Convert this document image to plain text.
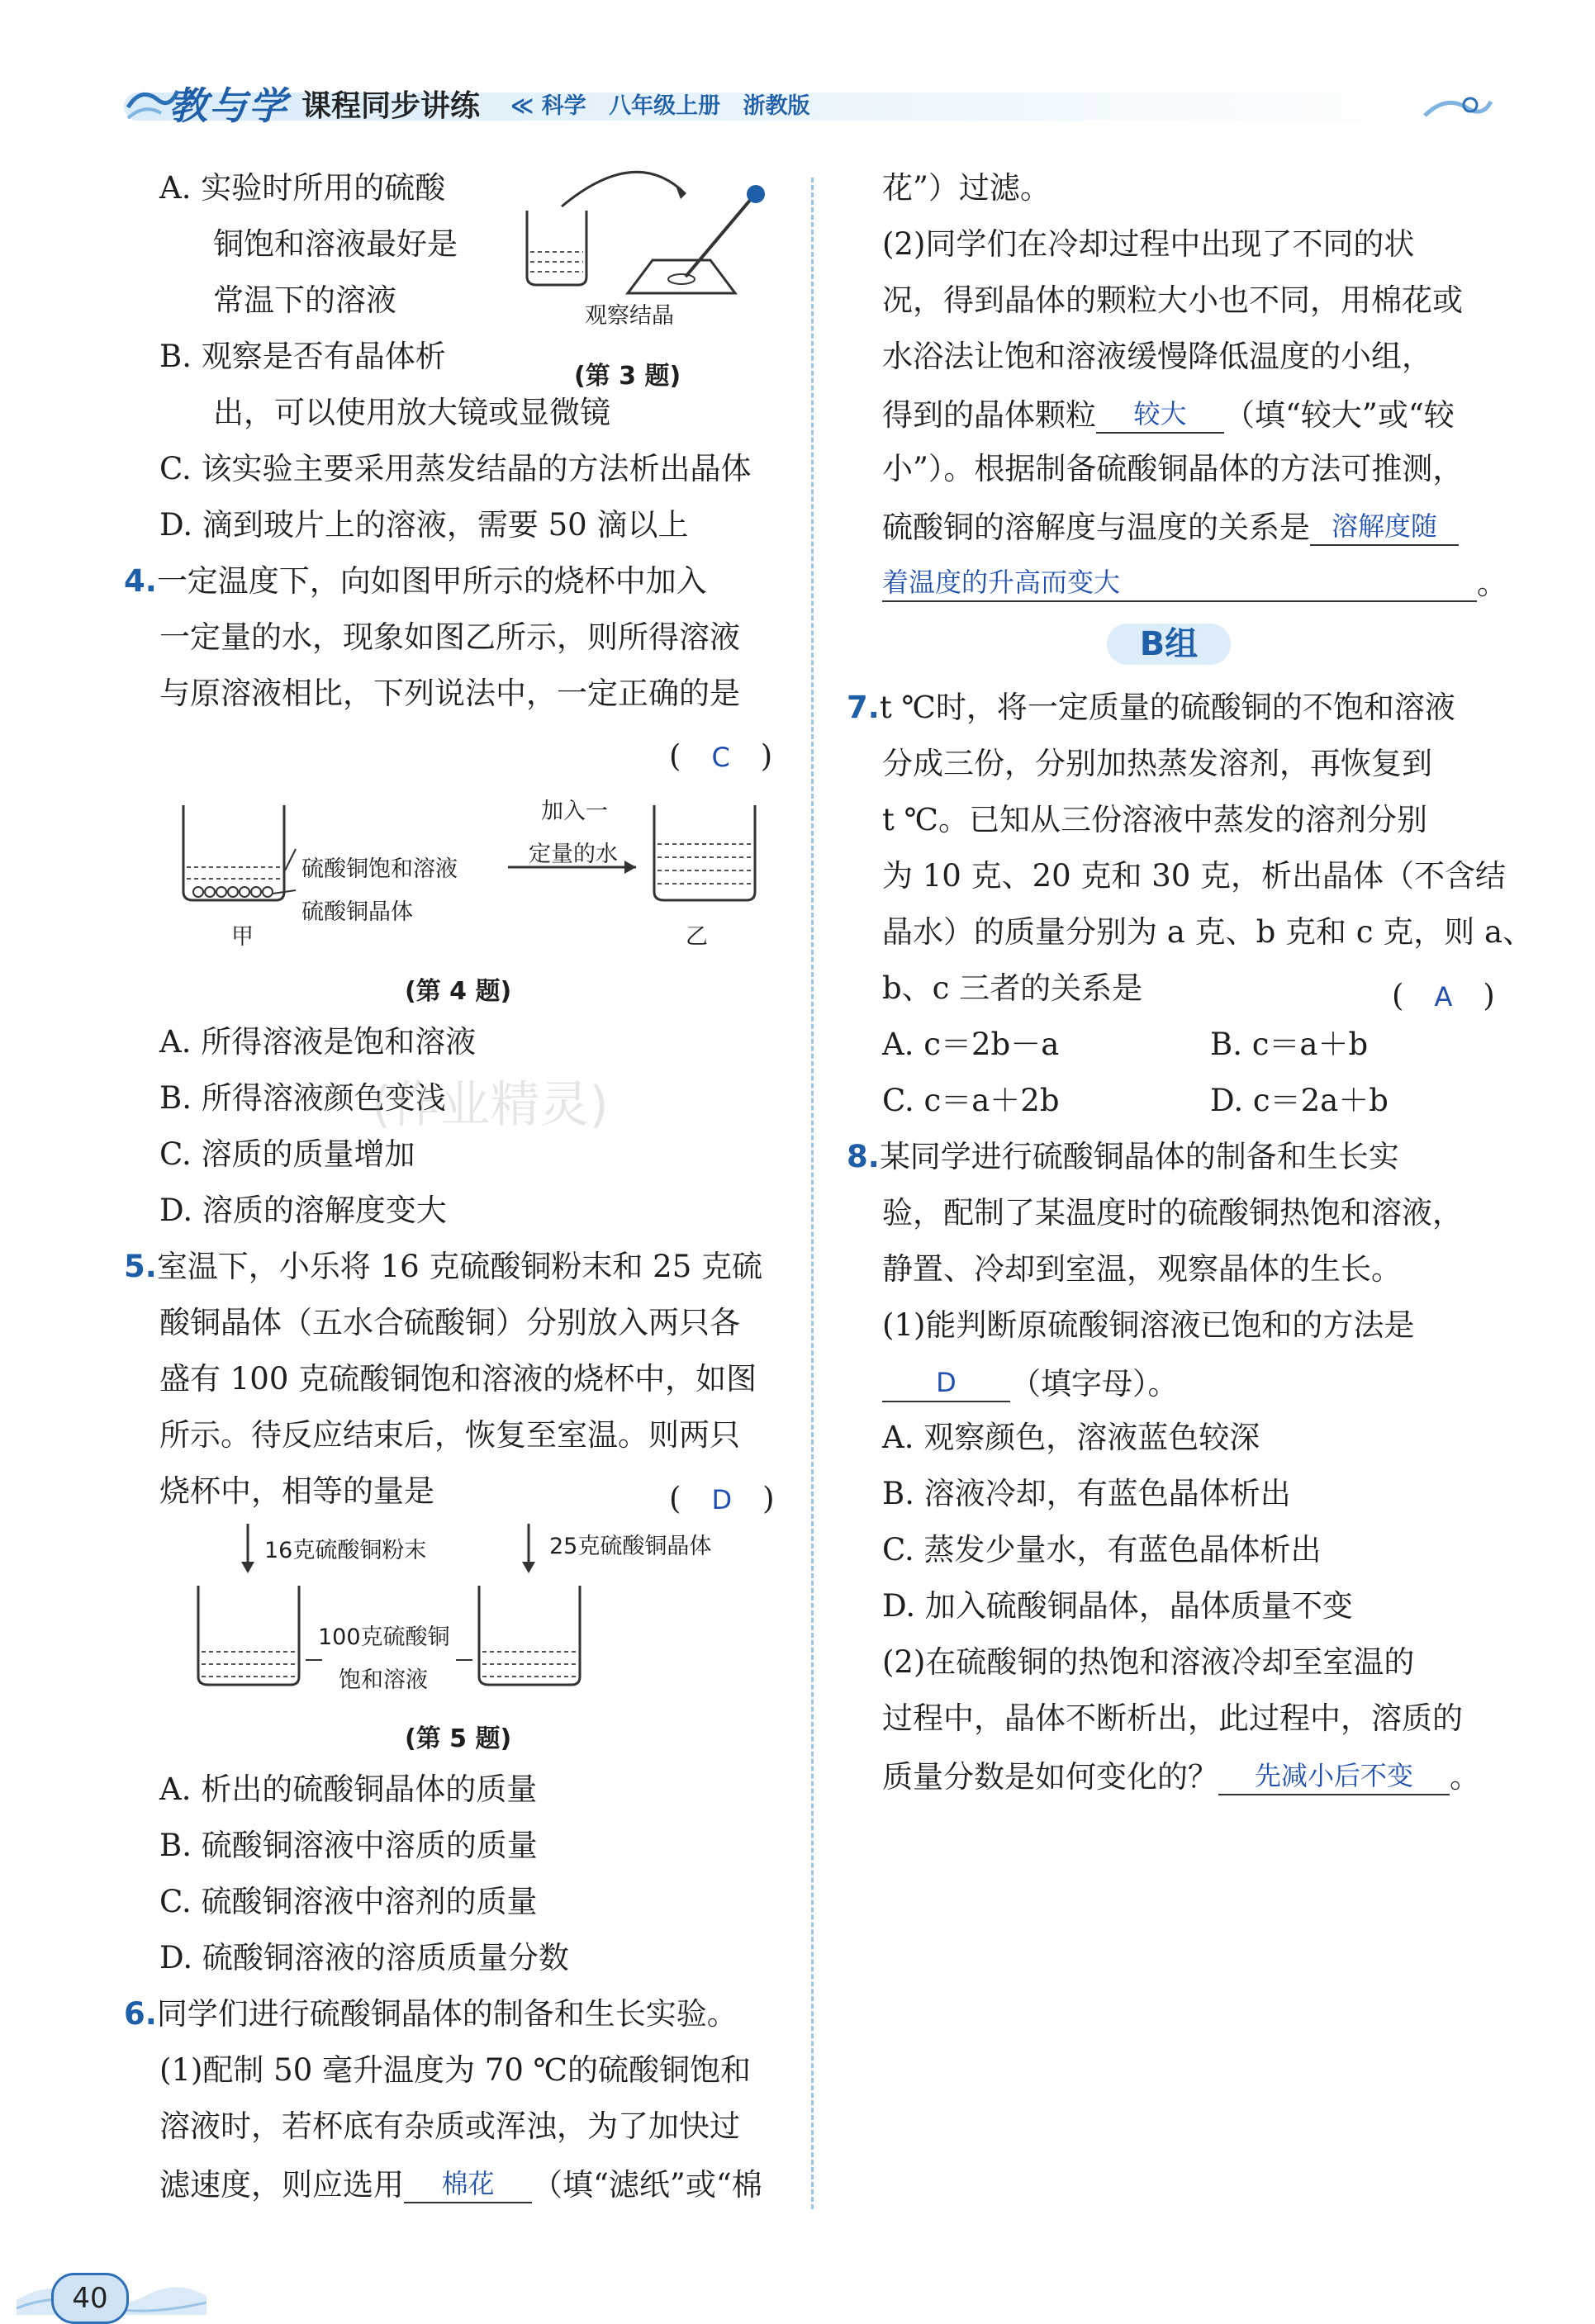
教与学 课程同步讲练 ≪ 科学 八年级上册 浙教版
A. 实验时所用的硫酸
铜饱和溶液最好是
常温下的溶液
B. 观察是否有晶体析
出，可以使用放大镜或显微镜
C. 该实验主要采用蒸发结晶的方法析出晶体
D. 滴到玻片上的溶液，需要 50 滴以上
观察结晶
(第 3 题)
4.一定温度下，向如图甲所示的烧杯中加入
一定量的水，现象如图乙所示，则所得溶液
与原溶液相比，下列说法中，一定正确的是
(　C　)
硫酸铜饱和溶液
硫酸铜晶体
加入一
定量的水
甲	乙
(第 4 题)
A. 所得溶液是饱和溶液
B. 所得溶液颜色变浅
C. 溶质的质量增加
D. 溶质的溶解度变大
(作业精灵)
5.室温下，小乐将 16 克硫酸铜粉末和 25 克硫
酸铜晶体（五水合硫酸铜）分别放入两只各
盛有 100 克硫酸铜饱和溶液的烧杯中，如图
所示。待反应结束后，恢复至室温。则两只
烧杯中，相等的量是	(　D　)
16克硫酸铜粉末	25克硫酸铜晶体
100克硫酸铜
饱和溶液
(第 5 题)
A. 析出的硫酸铜晶体的质量
B. 硫酸铜溶液中溶质的质量
C. 硫酸铜溶液中溶剂的质量
D. 硫酸铜溶液的溶质质量分数
6.同学们进行硫酸铜晶体的制备和生长实验。
(1)配制 50 毫升温度为 70 ℃的硫酸铜饱和
溶液时，若杯底有杂质或浑浊，为了加快过
滤速度，则应选用 棉花 （填“滤纸”或“棉
花”）过滤。
(2)同学们在冷却过程中出现了不同的状
况，得到晶体的颗粒大小也不同，用棉花或
水浴法让饱和溶液缓慢降低温度的小组，
得到的晶体颗粒 较大 （填“较大”或“较
小”）。根据制备硫酸铜晶体的方法可推测，
硫酸铜的溶解度与温度的关系是 溶解度随
着温度的升高而变大	。
B组
7.t ℃时，将一定质量的硫酸铜的不饱和溶液
分成三份，分别加热蒸发溶剂，再恢复到
t ℃。已知从三份溶液中蒸发的溶剂分别
为 10 克、20 克和 30 克，析出晶体（不含结
晶水）的质量分别为 a 克、b 克和 c 克，则 a、
b、c 三者的关系是	(　A　)
A. c＝2b－a	B. c＝a＋b
C. c＝a＋2b	D. c＝2a＋b
8.某同学进行硫酸铜晶体的制备和生长实
验，配制了某温度时的硫酸铜热饱和溶液，
静置、冷却到室温，观察晶体的生长。
(1)能判断原硫酸铜溶液已饱和的方法是
D （填字母）。
A. 观察颜色，溶液蓝色较深
B. 溶液冷却，有蓝色晶体析出
C. 蒸发少量水，有蓝色晶体析出
D. 加入硫酸铜晶体，晶体质量不变
(2)在硫酸铜的热饱和溶液冷却至室温的
过程中，晶体不断析出，此过程中，溶质的
质量分数是如何变化的？ 先减小后不变 。
40
